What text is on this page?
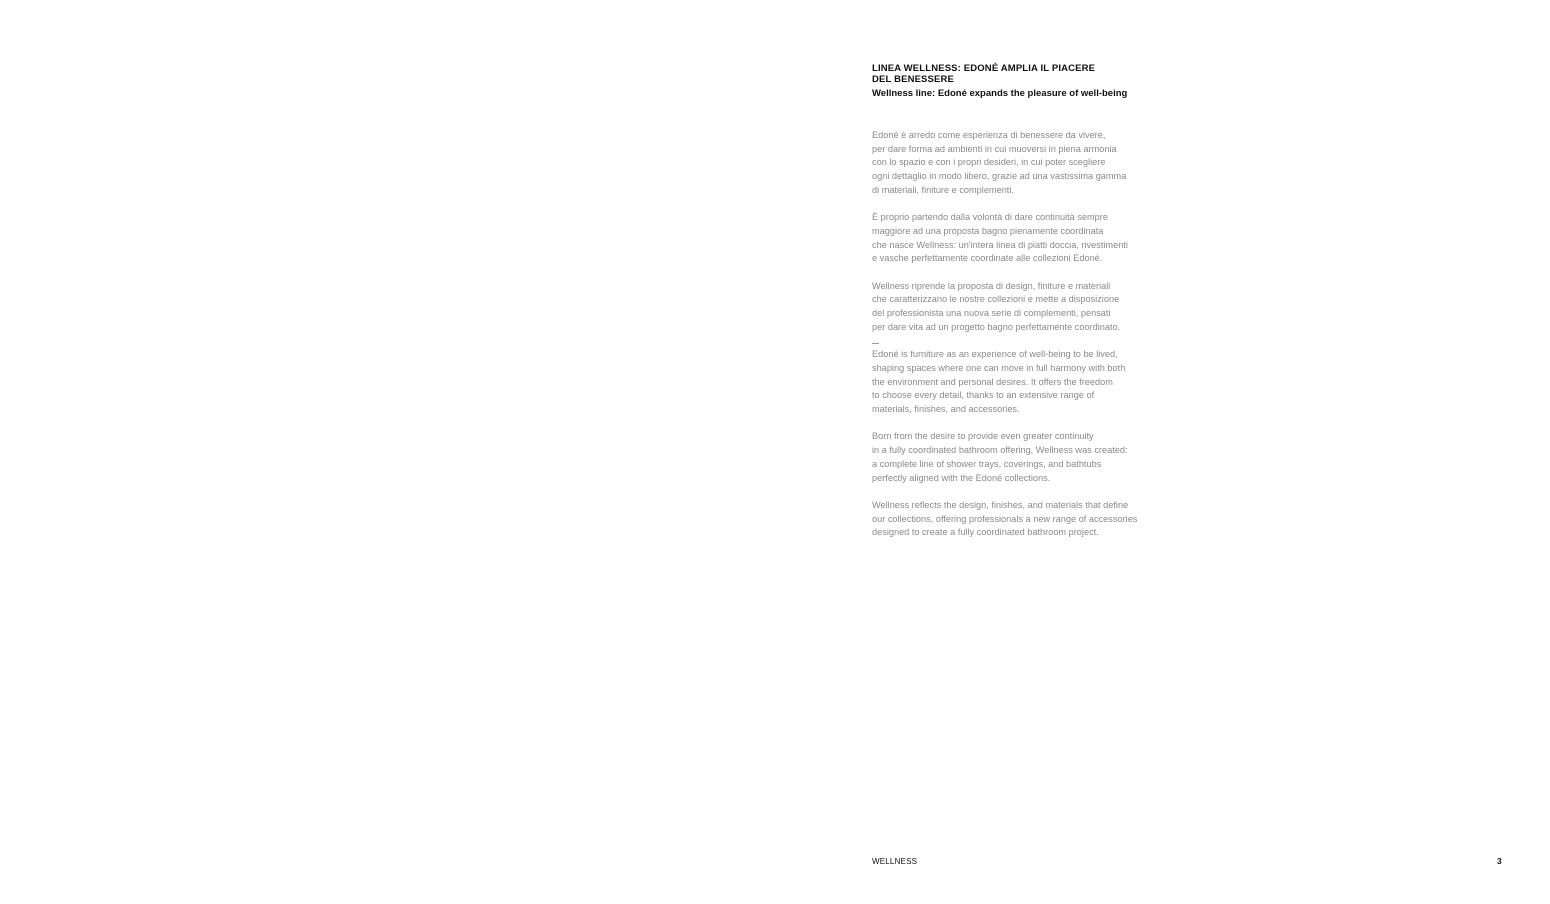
LINEA WELLNESS: EDONÉ AMPLIA IL PIACERE
DEL BENESSERE

Wellness line: Edoné expands the pleasure of well-being

Edoné è arredo come esperienza di benessere da vivere,
per dare forma ad ambienti in cui muoversi in piena armonia
con lo spazio e con i propri desideri, in cui poter scegliere
ogni dettaglio in modo libero, grazie ad una vastissima gamma
di materiali, finiture e complementi.

È proprio partendo dalla volontà di dare continuità sempre
maggiore ad una proposta bagno pienamente coordinata
che nasce Wellness: un'intera linea di piatti doccia, rivestimenti
e vasche perfettamente coordinate alle collezioni Edoné.

Wellness riprende la proposta di design, finiture e materiali
che caratterizzano le nostre collezioni e mette a disposizione
del professionista una nuova serie di complementi, pensati
per dare vita ad un progetto bagno perfettamente coordinato.

Edoné is furniture as an experience of well-being to be lived,
shaping spaces where one can move in full harmony with both
the environment and personal desires. It offers the freedom
to choose every detail, thanks to an extensive range of
materials, finishes, and accessories.

Born from the desire to provide even greater continuity
in a fully coordinated bathroom offering, Wellness was created:
a complete line of shower trays, coverings, and bathtubs
perfectly aligned with the Edoné collections.

Wellness reflects the design, finishes, and materials that define
our collections, offering professionals a new range of accessories
designed to create a fully coordinated bathroom project.

WELLNESS	3
